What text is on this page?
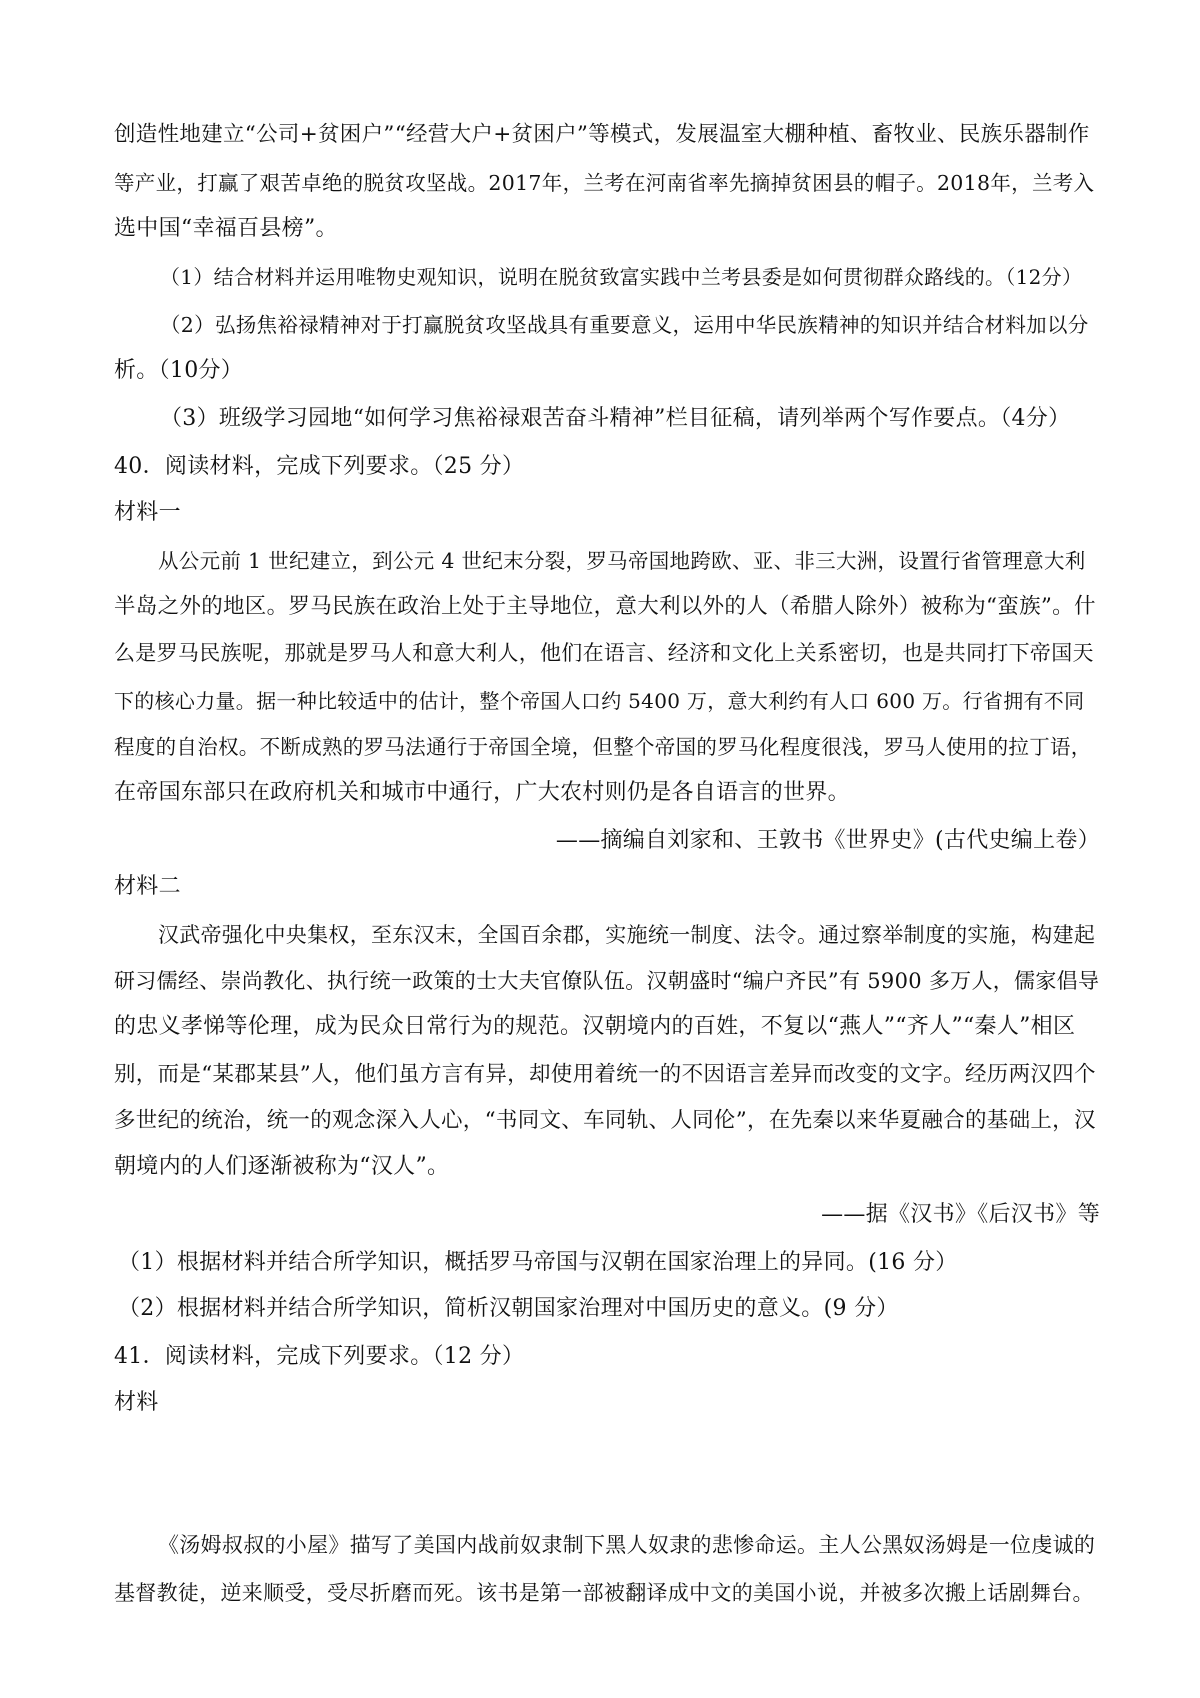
创造性地建立“公司+贫困户”“经营大户+贫困户”等模式，发展温室大棚种植、畜牧业、民族乐器制作
等产业，打赢了艰苦卓绝的脱贫攻坚战。2017年，兰考在河南省率先摘掉贫困县的帽子。2018年，兰考入
选中国“幸福百县榜”。
（1）结合材料并运用唯物史观知识，说明在脱贫致富实践中兰考县委是如何贯彻群众路线的。（12分）
（2）弘扬焦裕禄精神对于打赢脱贫攻坚战具有重要意义，运用中华民族精神的知识并结合材料加以分
析。（10分）
（3）班级学习园地“如何学习焦裕禄艰苦奋斗精神”栏目征稿，请列举两个写作要点。（4分）
40．阅读材料，完成下列要求。（25 分）
材料一
从公元前 1 世纪建立，到公元 4 世纪末分裂，罗马帝国地跨欧、亚、非三大洲，设置行省管理意大利
半岛之外的地区。罗马民族在政治上处于主导地位，意大利以外的人（希腊人除外）被称为“蛮族”。什
么是罗马民族呢，那就是罗马人和意大利人，他们在语言、经济和文化上关系密切，也是共同打下帝国天
下的核心力量。据一种比较适中的估计，整个帝国人口约 5400 万，意大利约有人口 600 万。行省拥有不同
程度的自治权。不断成熟的罗马法通行于帝国全境，但整个帝国的罗马化程度很浅，罗马人使用的拉丁语，
在帝国东部只在政府机关和城市中通行，广大农村则仍是各自语言的世界。
——摘编自刘家和、王敦书《世界史》(古代史编上卷）
材料二
汉武帝强化中央集权，至东汉末，全国百余郡，实施统一制度、法令。通过察举制度的实施，构建起
研习儒经、崇尚教化、执行统一政策的士大夫官僚队伍。汉朝盛时“编户齐民”有 5900 多万人，儒家倡导
的忠义孝悌等伦理，成为民众日常行为的规范。汉朝境内的百姓，不复以“燕人”“齐人”“秦人”相区
别，而是“某郡某县”人，他们虽方言有异，却使用着统一的不因语言差异而改变的文字。经历两汉四个
多世纪的统治，统一的观念深入人心，“书同文、车同轨、人同伦”，在先秦以来华夏融合的基础上，汉
朝境内的人们逐渐被称为“汉人”。
——据《汉书》《后汉书》等
（1）根据材料并结合所学知识，概括罗马帝国与汉朝在国家治理上的异同。(16 分）
（2）根据材料并结合所学知识，简析汉朝国家治理对中国历史的意义。(9 分）
41．阅读材料，完成下列要求。（12 分）
材料
《汤姆叔叔的小屋》描写了美国内战前奴隶制下黑人奴隶的悲惨命运。主人公黑奴汤姆是一位虔诚的
基督教徒，逆来顺受，受尽折磨而死。该书是第一部被翻译成中文的美国小说，并被多次搬上话剧舞台。
